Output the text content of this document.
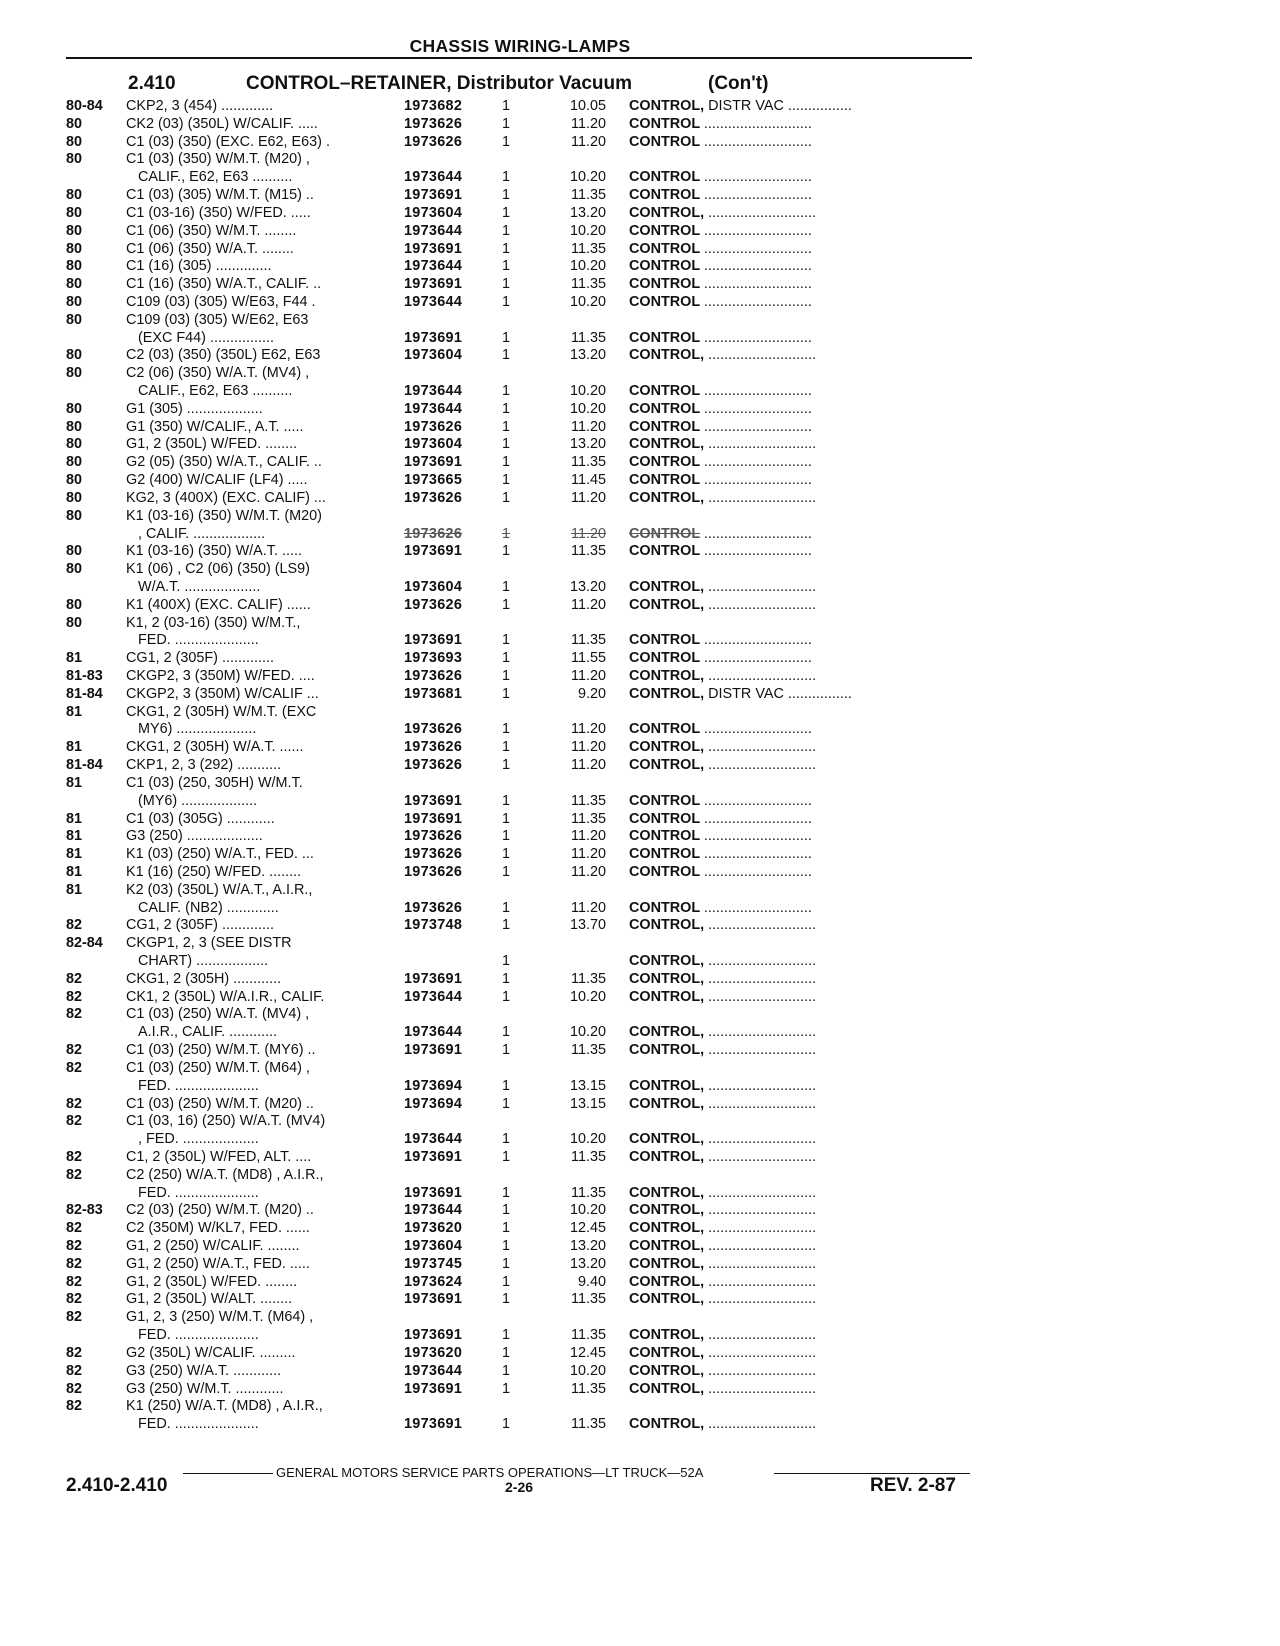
CHASSIS WIRING-LAMPS
2.410	CONTROL–RETAINER, Distributor Vacuum	(Con't)
80-84 CKP2, 3 (454) .............	1973682	1	10.05 CONTROL, DISTR VAC ................
80	CK2 (03) (350L) W/CALIF. .....	1973626	1	11.20 CONTROL ...........................
80	C1 (03) (350) (EXC. E62, E63) .	1973626	1	11.20 CONTROL ...........................
80	C1 (03) (350) W/M.T. (M20) ,
CALIF., E62, E63 ..........	1973644	1	10.20 CONTROL ...........................
80	C1 (03) (305) W/M.T. (M15) ..	1973691	1	11.35 CONTROL ...........................
80	C1 (03-16) (350) W/FED. .....	1973604	1	13.20 CONTROL, ...........................
80	C1 (06) (350) W/M.T. ........	1973644	1	10.20 CONTROL ...........................
80	C1 (06) (350) W/A.T. ........	1973691	1	11.35 CONTROL ...........................
80	C1 (16) (305) ..............	1973644	1	10.20 CONTROL ...........................
80	C1 (16) (350) W/A.T., CALIF. ..	1973691	1	11.35 CONTROL ...........................
80	C109 (03) (305) W/E63, F44 .	1973644	1	10.20 CONTROL ...........................
80	C109 (03) (305) W/E62, E63
(EXC F44) ................	1973691	1	11.35 CONTROL ...........................
80	C2 (03) (350) (350L) E62, E63	1973604	1	13.20 CONTROL, ...........................
80	C2 (06) (350) W/A.T. (MV4) ,
CALIF., E62, E63 ..........	1973644	1	10.20 CONTROL ...........................
80	G1 (305) ...................	1973644	1	10.20 CONTROL ...........................
80	G1 (350) W/CALIF., A.T. .....	1973626	1	11.20 CONTROL ...........................
80	G1, 2 (350L) W/FED. ........	1973604	1	13.20 CONTROL, ...........................
80	G2 (05) (350) W/A.T., CALIF. ..	1973691	1	11.35 CONTROL ...........................
80	G2 (400) W/CALIF (LF4) .....	1973665	1	11.45 CONTROL ...........................
80	KG2, 3 (400X) (EXC. CALIF) ...	1973626	1	11.20 CONTROL, ...........................
80	K1 (03-16) (350) W/M.T. (M20)
, CALIF. ..................	1973626	1	11.20 CONTROL ...........................
80	K1 (03-16) (350) W/A.T. .....	1973691	1	11.35 CONTROL ...........................
80	K1 (06) , C2 (06) (350) (LS9)
W/A.T. ...................	1973604	1	13.20 CONTROL, ...........................
80	K1 (400X) (EXC. CALIF) ......	1973626	1	11.20 CONTROL, ...........................
80	K1, 2 (03-16) (350) W/M.T.,
FED. .....................	1973691	1	11.35 CONTROL ...........................
81	CG1, 2 (305F) .............	1973693	1	11.55 CONTROL ...........................
81-83 CKGP2, 3 (350M) W/FED. ....	1973626	1	11.20 CONTROL, ...........................
81-84 CKGP2, 3 (350M) W/CALIF ...	1973681	1	9.20 CONTROL, DISTR VAC ................
81	CKG1, 2 (305H) W/M.T. (EXC
MY6) ....................	1973626	1	11.20 CONTROL ...........................
81	CKG1, 2 (305H) W/A.T. ......	1973626	1	11.20 CONTROL, ...........................
81-84 CKP1, 2, 3 (292) ...........	1973626	1	11.20 CONTROL, ...........................
81	C1 (03) (250, 305H) W/M.T.
(MY6) ...................	1973691	1	11.35 CONTROL ...........................
81	C1 (03) (305G) ............	1973691	1	11.35 CONTROL ...........................
81	G3 (250) ...................	1973626	1	11.20 CONTROL ...........................
81	K1 (03) (250) W/A.T., FED. ...	1973626	1	11.20 CONTROL ...........................
81	K1 (16) (250) W/FED. ........	1973626	1	11.20 CONTROL ...........................
81	K2 (03) (350L) W/A.T., A.I.R.,
CALIF. (NB2) .............	1973626	1	11.20 CONTROL ...........................
82	CG1, 2 (305F) .............	1973748	1	13.70 CONTROL, ...........................
82-84 CKGP1, 2, 3 (SEE DISTR
CHART) ..................	1	CONTROL, ...........................
82	CKG1, 2 (305H) ............	1973691	1	11.35 CONTROL, ...........................
82	CK1, 2 (350L) W/A.I.R., CALIF.	1973644	1	10.20 CONTROL, ...........................
82	C1 (03) (250) W/A.T. (MV4) ,
A.I.R., CALIF. ............	1973644	1	10.20 CONTROL, ...........................
82	C1 (03) (250) W/M.T. (MY6) ..	1973691	1	11.35 CONTROL, ...........................
82	C1 (03) (250) W/M.T. (M64) ,
FED. .....................	1973694	1	13.15 CONTROL, ...........................
82	C1 (03) (250) W/M.T. (M20) ..	1973694	1	13.15 CONTROL, ...........................
82	C1 (03, 16) (250) W/A.T. (MV4)
, FED. ...................	1973644	1	10.20 CONTROL, ...........................
82	C1, 2 (350L) W/FED, ALT. ....	1973691	1	11.35 CONTROL, ...........................
82	C2 (250) W/A.T. (MD8) , A.I.R.,
FED. .....................	1973691	1	11.35 CONTROL, ...........................
82-83 C2 (03) (250) W/M.T. (M20) ..	1973644	1	10.20 CONTROL, ...........................
82	C2 (350M) W/KL7, FED. ......	1973620	1	12.45 CONTROL, ...........................
82	G1, 2 (250) W/CALIF. ........	1973604	1	13.20 CONTROL, ...........................
82	G1, 2 (250) W/A.T., FED. .....	1973745	1	13.20 CONTROL, ...........................
82	G1, 2 (350L) W/FED. ........	1973624	1	9.40 CONTROL, ...........................
82	G1, 2 (350L) W/ALT. ........	1973691	1	11.35 CONTROL, ...........................
82	G1, 2, 3 (250) W/M.T. (M64) ,
FED. .....................	1973691	1	11.35 CONTROL, ...........................
82	G2 (350L) W/CALIF. .........	1973620	1	12.45 CONTROL, ...........................
82	G3 (250) W/A.T. ............	1973644	1	10.20 CONTROL, ...........................
82	G3 (250) W/M.T. ............	1973691	1	11.35 CONTROL, ...........................
82	K1 (250) W/A.T. (MD8) , A.I.R.,
FED. .....................	1973691	1	11.35 CONTROL, ...........................
GENERAL MOTORS SERVICE PARTS OPERATIONS—LT TRUCK—52A
2.410-2.410	2-26	REV. 2-87
